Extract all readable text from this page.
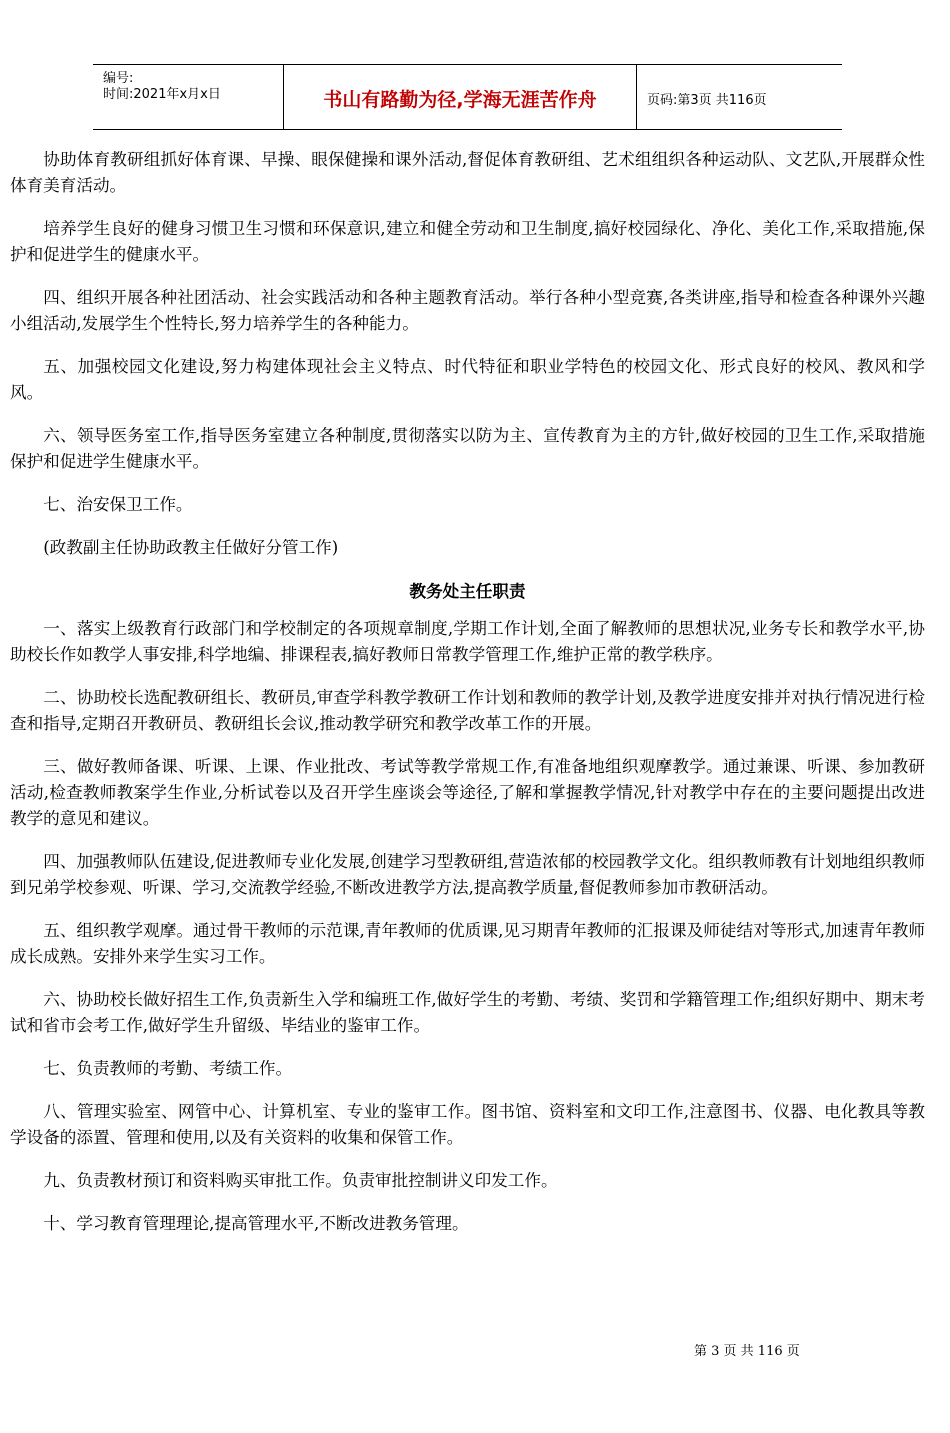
编号:
时间:2021年x月x日	书山有路勤为径,学海无涯苦作舟	页码:第3页 共116页

协助体育教研组抓好体育课、早操、眼保健操和课外活动,督促体育教研组、艺术组组织各种运动队、文艺队,开展群众性体育美育活动。

培养学生良好的健身习惯卫生习惯和环保意识,建立和健全劳动和卫生制度,搞好校园绿化、净化、美化工作,采取措施,保护和促进学生的健康水平。

四、组织开展各种社团活动、社会实践活动和各种主题教育活动。举行各种小型竞赛,各类讲座,指导和检查各种课外兴趣小组活动,发展学生个性特长,努力培养学生的各种能力。

五、加强校园文化建设,努力构建体现社会主义特点、时代特征和职业学特色的校园文化、形式良好的校风、教风和学风。

六、领导医务室工作,指导医务室建立各种制度,贯彻落实以防为主、宣传教育为主的方针,做好校园的卫生工作,采取措施保护和促进学生健康水平。

七、治安保卫工作。

(政教副主任协助政教主任做好分管工作)

教务处主任职责

一、落实上级教育行政部门和学校制定的各项规章制度,学期工作计划,全面了解教师的思想状况,业务专长和教学水平,协助校长作如教学人事安排,科学地编、排课程表,搞好教师日常教学管理工作,维护正常的教学秩序。

二、协助校长选配教研组长、教研员,审查学科教学教研工作计划和教师的教学计划,及教学进度安排并对执行情况进行检查和指导,定期召开教研员、教研组长会议,推动教学研究和教学改革工作的开展。

三、做好教师备课、听课、上课、作业批改、考试等教学常规工作,有准备地组织观摩教学。通过兼课、听课、参加教研活动,检查教师教案学生作业,分析试卷以及召开学生座谈会等途径,了解和掌握教学情况,针对教学中存在的主要问题提出改进教学的意见和建议。

四、加强教师队伍建设,促进教师专业化发展,创建学习型教研组,营造浓郁的校园教学文化。组织教师教有计划地组织教师到兄弟学校参观、听课、学习,交流教学经验,不断改进教学方法,提高教学质量,督促教师参加市教研活动。

五、组织教学观摩。通过骨干教师的示范课,青年教师的优质课,见习期青年教师的汇报课及师徒结对等形式,加速青年教师成长成熟。安排外来学生实习工作。

六、协助校长做好招生工作,负责新生入学和编班工作,做好学生的考勤、考绩、奖罚和学籍管理工作;组织好期中、期末考试和省市会考工作,做好学生升留级、毕结业的鉴审工作。

七、负责教师的考勤、考绩工作。

八、管理实验室、网管中心、计算机室、专业的鉴审工作。图书馆、资料室和文印工作,注意图书、仪器、电化教具等教学设备的添置、管理和使用,以及有关资料的收集和保管工作。

九、负责教材预订和资料购买审批工作。负责审批控制讲义印发工作。

十、学习教育管理理论,提高管理水平,不断改进教务管理。

第 3 页 共 116 页
